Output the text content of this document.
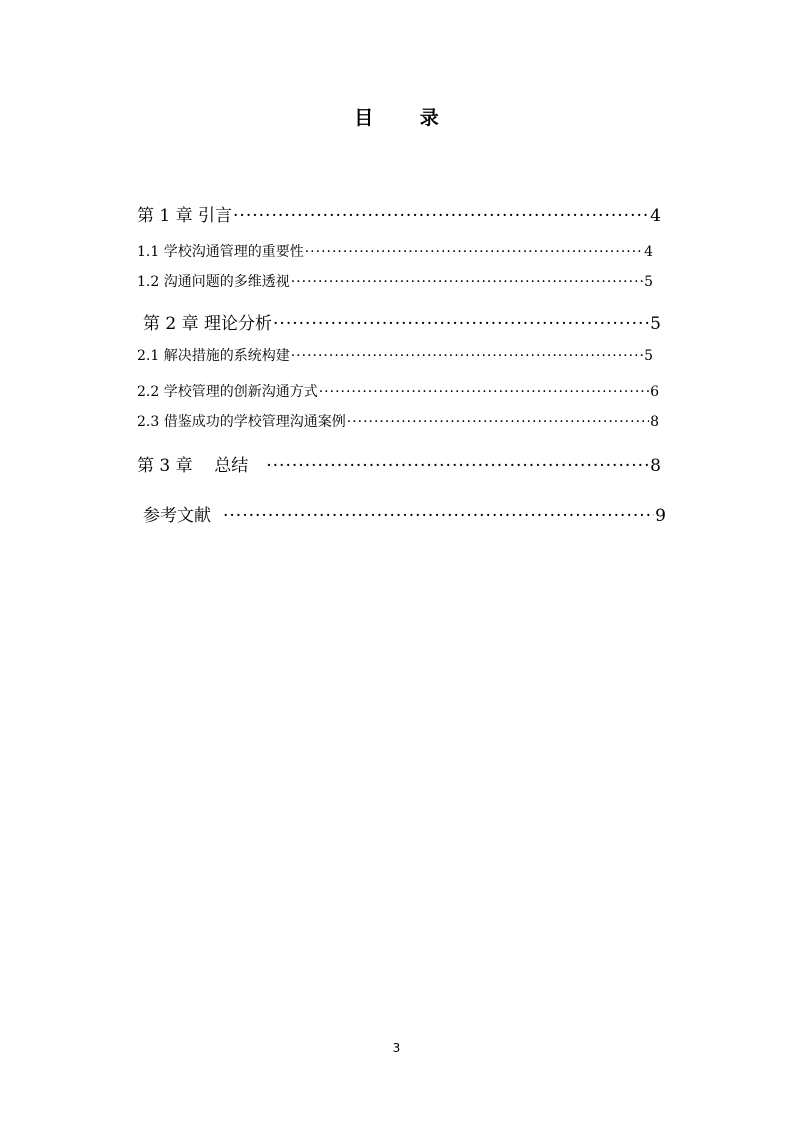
目 录
第 1 章 引言 ·····	4
1.1 学校沟通管理的重要性 ·····	4
1.2 沟通问题的多维透视 ·····	5
第 2 章 理论分析 ·····	5
2.1 解决措施的系统构建 ·····	5
2.2 学校管理的创新沟通方式 ·····	6
2.3 借鉴成功的学校管理沟通案例 ·····	8
第 3 章    总结 ·····	8
参考文献 ·····	9
3
